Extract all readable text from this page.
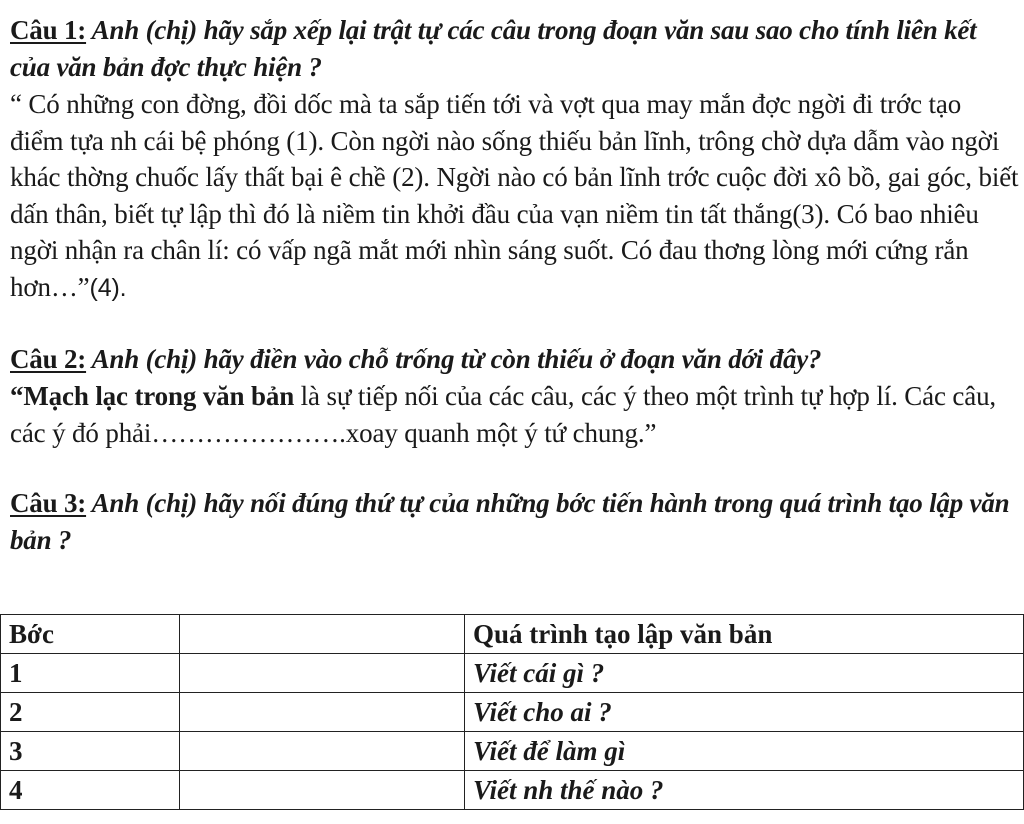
Câu 1: Anh (chị) hãy sắp xếp lại trật tự các câu trong đoạn văn sau sao cho tính liên kết của văn bản đợc thực hiện ?

“ Có những con đờng, đồi dốc mà ta sắp tiến tới và vợt qua may mắn đợc ngời đi trớc tạo điểm tựa nh cái bệ phóng (1). Còn ngời nào sống thiếu bản lĩnh, trông chờ dựa dẫm vào ngời khác thờng chuốc lấy thất bại ê chề (2). Ngời nào có bản lĩnh trớc cuộc đời xô bồ, gai góc, biết dấn thân, biết tự lập thì đó là niềm tin khởi đầu của vạn niềm tin tất thắng(3). Có bao nhiêu ngời nhận ra chân lí: có vấp ngã mắt mới nhìn sáng suốt. Có đau thơng lòng mới cứng rắn hơn…”(4).

Câu 2: Anh (chị) hãy điền vào chỗ trống từ còn thiếu ở đoạn văn dới đây?

“Mạch lạc trong văn bản là sự tiếp nối của các câu, các ý theo một trình tự hợp lí. Các câu, các ý đó phải………………….xoay quanh một ý tứ chung.”

Câu 3: Anh (chị) hãy nối đúng thứ tự của những bớc tiến hành trong quá trình tạo lập văn bản ?

Bớc		Quá trình tạo lập văn bản
1		Viết cái gì ?
2		Viết cho ai ?
3		Viết để làm gì
4		Viết nh thế nào ?
